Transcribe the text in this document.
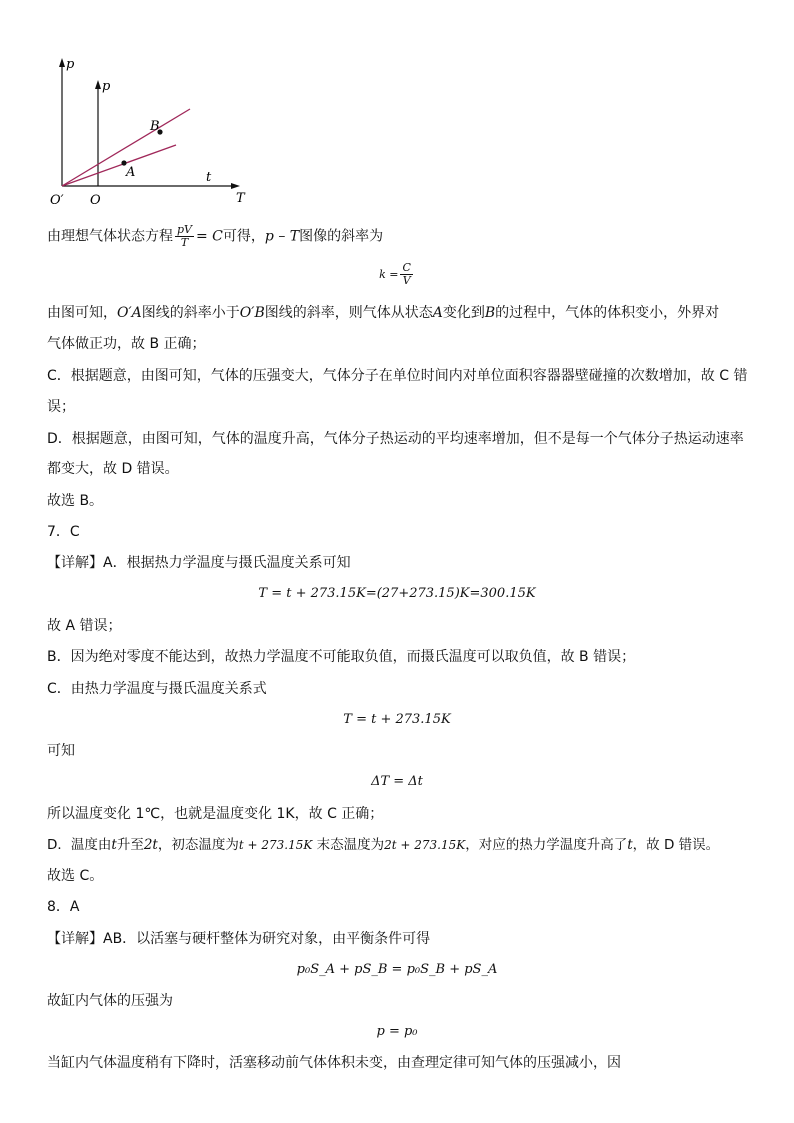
p
p
B
A	t
T
O′ O
由理想气体状态方程 $\frac{pV}{T} = C$可得，p – T图像的斜率为
$k = \frac{C}{V}$
由图可知，O′A图线的斜率小于O′B图线的斜率，则气体从状态A变化到B的过程中，气体的体积变小，外界对
气体做正功，故 B 正确；
C．根据题意，由图可知，气体的压强变大，气体分子在单位时间内对单位面积容器器壁碰撞的次数增加，故 C 错
误；
D．根据题意，由图可知，气体的温度升高，气体分子热运动的平均速率增加，但不是每一个气体分子热运动速率
都变大，故 D 错误。
故选 B。
7．C
【详解】A．根据热力学温度与摄氏温度关系可知
T = t + 273.15K=(27+273.15)K=300.15K
故 A 错误；
B．因为绝对零度不能达到，故热力学温度不可能取负值，而摄氏温度可以取负值，故 B 错误；
C．由热力学温度与摄氏温度关系式
T = t + 273.15K
可知
ΔT = Δt
所以温度变化 1℃，也就是温度变化 1K，故 C 正确；
D．温度由t升至2t，初态温度为t + 273.15K 末态温度为2t + 273.15K，对应的热力学温度升高了t，故 D 错误。
故选 C。
8．A
【详解】AB．以活塞与硬杆整体为研究对象，由平衡条件可得
p₀S_A + pS_B = p₀S_B + pS_A
故缸内气体的压强为
p = p₀
当缸内气体温度稍有下降时，活塞移动前气体体积未变，由查理定律可知气体的压强减小，因
